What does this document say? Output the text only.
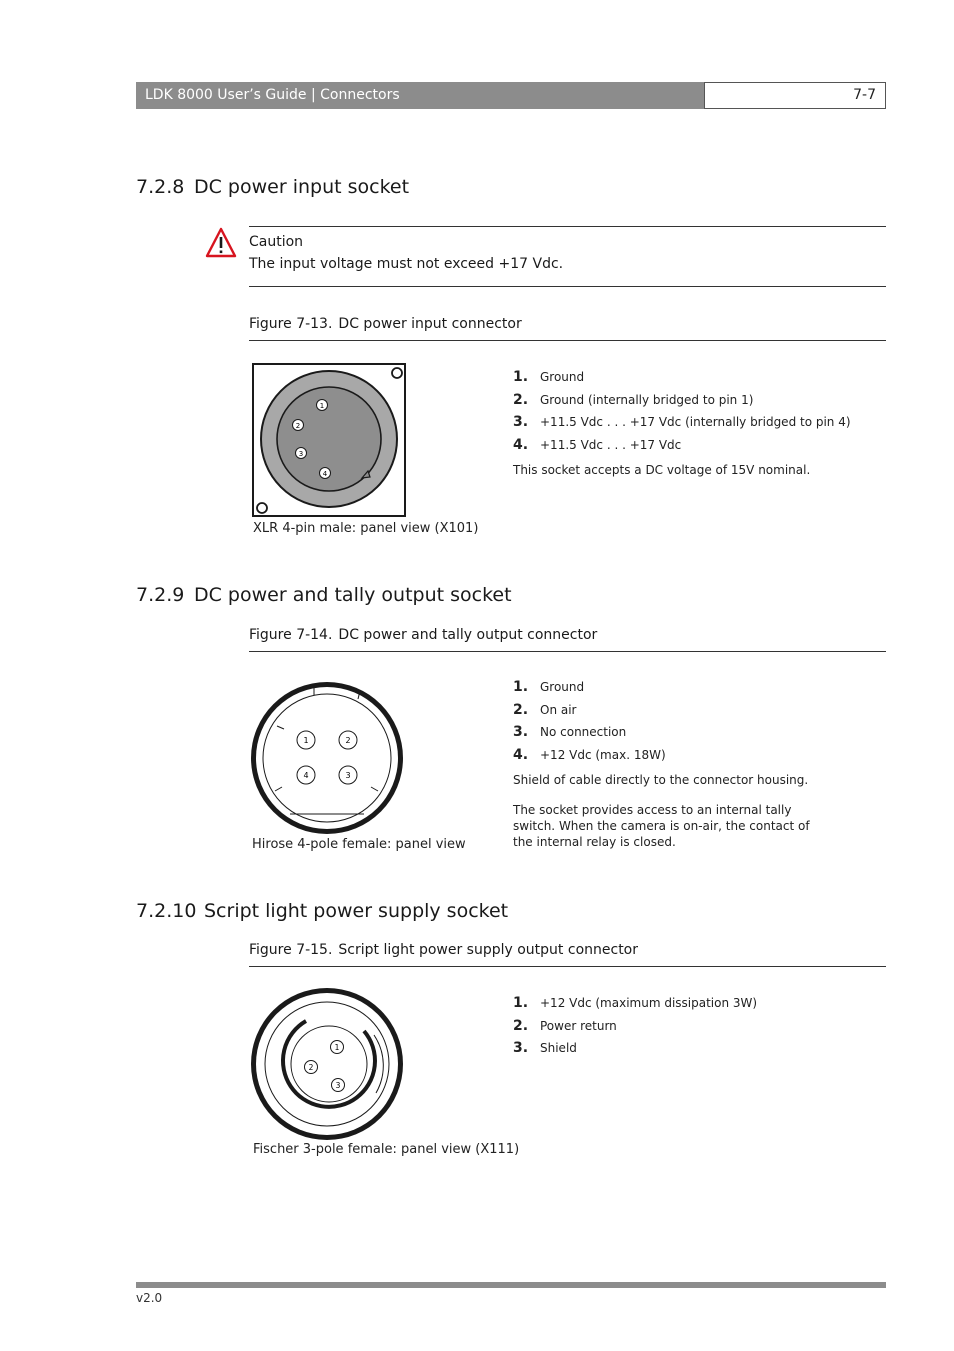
LDK 8000 User’s Guide | Connectors	7-7
7.2.8 DC power input socket
Caution
The input voltage must not exceed +17 Vdc.
Figure 7-13. DC power input connector
1
2
3
4
XLR 4-pin male: panel view (X101)
1. Ground
2. Ground (internally bridged to pin 1)
3. +11.5 Vdc . . . +17 Vdc (internally bridged to pin 4)
4. +11.5 Vdc . . . +17 Vdc
This socket accepts a DC voltage of 15V nominal.
7.2.9 DC power and tally output socket
Figure 7-14. DC power and tally output connector
1	2
4	3
Hirose 4-pole female: panel view
1. Ground
2. On air
3. No connection
4. +12 Vdc (max. 18W)
Shield of cable directly to the connector housing.
The socket provides access to an internal tally switch. When the camera is on-air, the contact of the internal relay is closed.
7.2.10 Script light power supply socket
Figure 7-15. Script light power supply output connector
1
2
3
Fischer 3-pole female: panel view (X111)
1. +12 Vdc (maximum dissipation 3W)
2. Power return
3. Shield
v2.0
